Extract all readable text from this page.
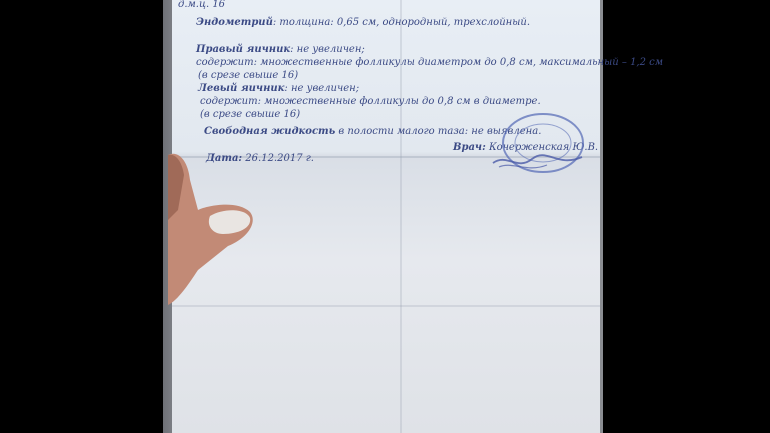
д.м.ц. 16
Эндометрий: толщина: 0,65 см, однородный, трехслойный.
Правый яичник: не увеличен;
содержит: множественные фолликулы диаметром до 0,8 см, максимальный – 1,2 см
(в срезе свыше 16)
Левый яичник: не увеличен;
содержит: множественные фолликулы до 0,8 см в диаметре.
(в срезе свыше 16)
Свободная жидкость в полости малого таза: не выявлена.
Врач: Кочерженская Ю.В.
Дата: 26.12.2017 г.
